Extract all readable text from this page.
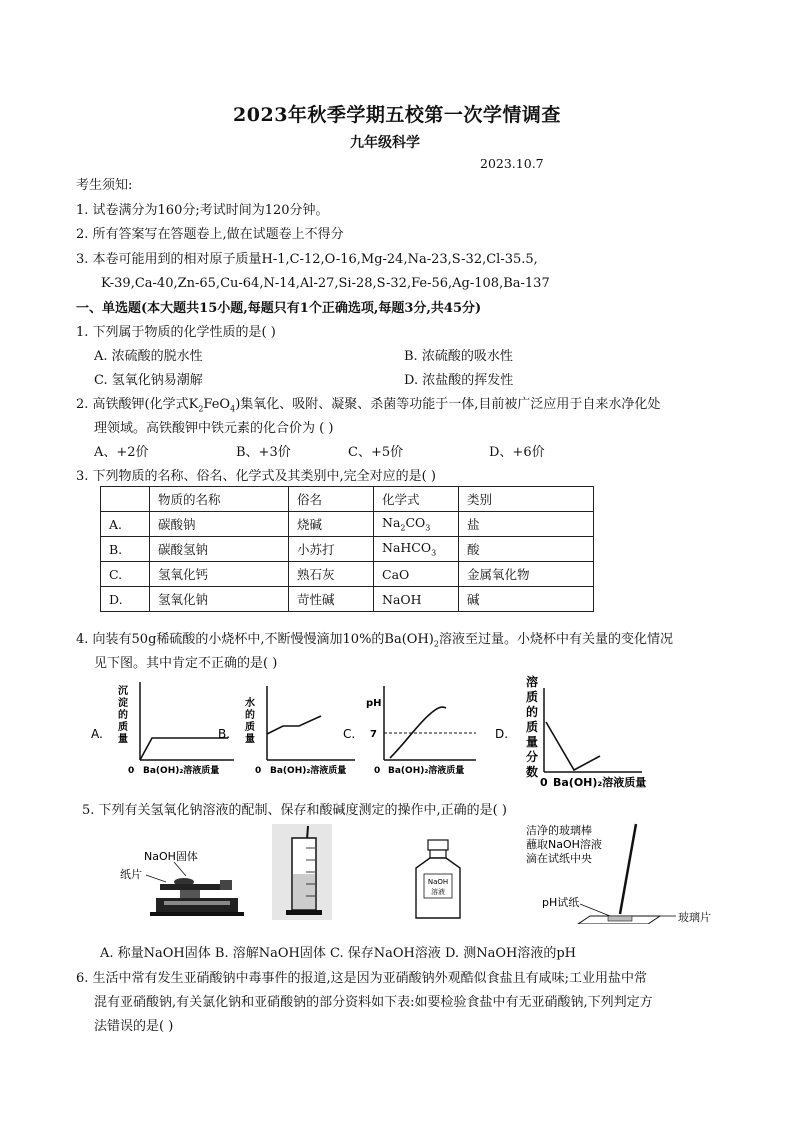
2023年秋季学期五校第一次学情调查
九年级科学
2023.10.7
考生须知:
1. 试卷满分为160分;考试时间为120分钟。
2. 所有答案写在答题卷上,做在试题卷上不得分
3. 本卷可能用到的相对原子质量H-1,C-12,O-16,Mg-24,Na-23,S-32,Cl-35.5,
K-39,Ca-40,Zn-65,Cu-64,N-14,Al-27,Si-28,S-32,Fe-56,Ag-108,Ba-137
一、单选题(本大题共15小题,每题只有1个正确选项,每题3分,共45分)
1. 下列属于物质的化学性质的是( )
A. 浓硫酸的脱水性	B. 浓硫酸的吸水性
C. 氢氧化钠易潮解	D. 浓盐酸的挥发性
2. 高铁酸钾(化学式$K_2FeO_4$)集氧化、吸附、凝聚、杀菌等功能于一体,目前被广泛应用于自来水净化处
理领域。高铁酸钾中铁元素的化合价为 ( )
A、+2价	B、+3价	C、+5价	D、+6价
3. 下列物质的名称、俗名、化学式及其类别中,完全对应的是( )
	物质的名称	俗名	化学式	类别
A.	碳酸钠	烧碱	$Na_2CO_3$	盐
B.	碳酸氢钠	小苏打	NaHCO$_3$	酸
C.	氢氧化钙	熟石灰	CaO	金属氧化物
D.	氢氧化钠	苛性碱	NaOH	碱
4. 向装有50g稀硫酸的小烧杯中,不断慢慢滴加10%的$Ba(OH)_2$溶液至过量。小烧杯中有关量的变化情况
见下图。其中肯定不正确的是( )
A.
沉
淀
的
质
量
0 Ba(OH)₂溶液质量
B.
水
的
质
量
0 Ba(OH)₂溶液质量
C.
pH
7
0 Ba(OH)₂溶液质量
D.
溶
质
的
质
量
分
数
0 Ba(OH)₂溶液质量
5. 下列有关氢氧化钠溶液的配制、保存和酸碱度测定的操作中,正确的是( )
NaOH固体
纸片
NaOH
溶液
洁净的玻璃棒
蘸取NaOH溶液
滴在试纸中央
pH试纸
玻璃片
A. 称量NaOH固体 B. 溶解NaOH固体 C. 保存NaOH溶液 D. 测NaOH溶液的pH
6. 生活中常有发生亚硝酸钠中毒事件的报道,这是因为亚硝酸钠外观酷似食盐且有咸味;工业用盐中常
混有亚硝酸钠,有关氯化钠和亚硝酸钠的部分资料如下表:如要检验食盐中有无亚硝酸钠,下列判定方
法错误的是( )
